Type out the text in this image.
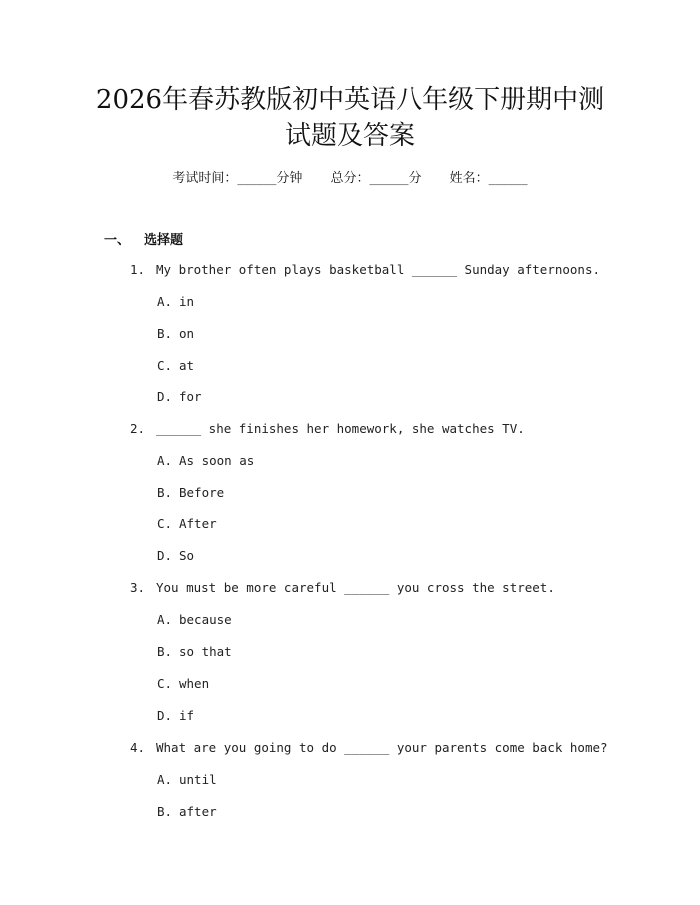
2026年春苏教版初中英语八年级下册期中测
试题及答案
考试时间：______分钟 总分：______分 姓名：______
一、 选择题
1. My brother often plays basketball ______ Sunday afternoons.
A. in
B. on
C. at
D. for
2. ______ she finishes her homework, she watches TV.
A. As soon as
B. Before
C. After
D. So
3. You must be more careful ______ you cross the street.
A. because
B. so that
C. when
D. if
4. What are you going to do ______ your parents come back home?
A. until
B. after
